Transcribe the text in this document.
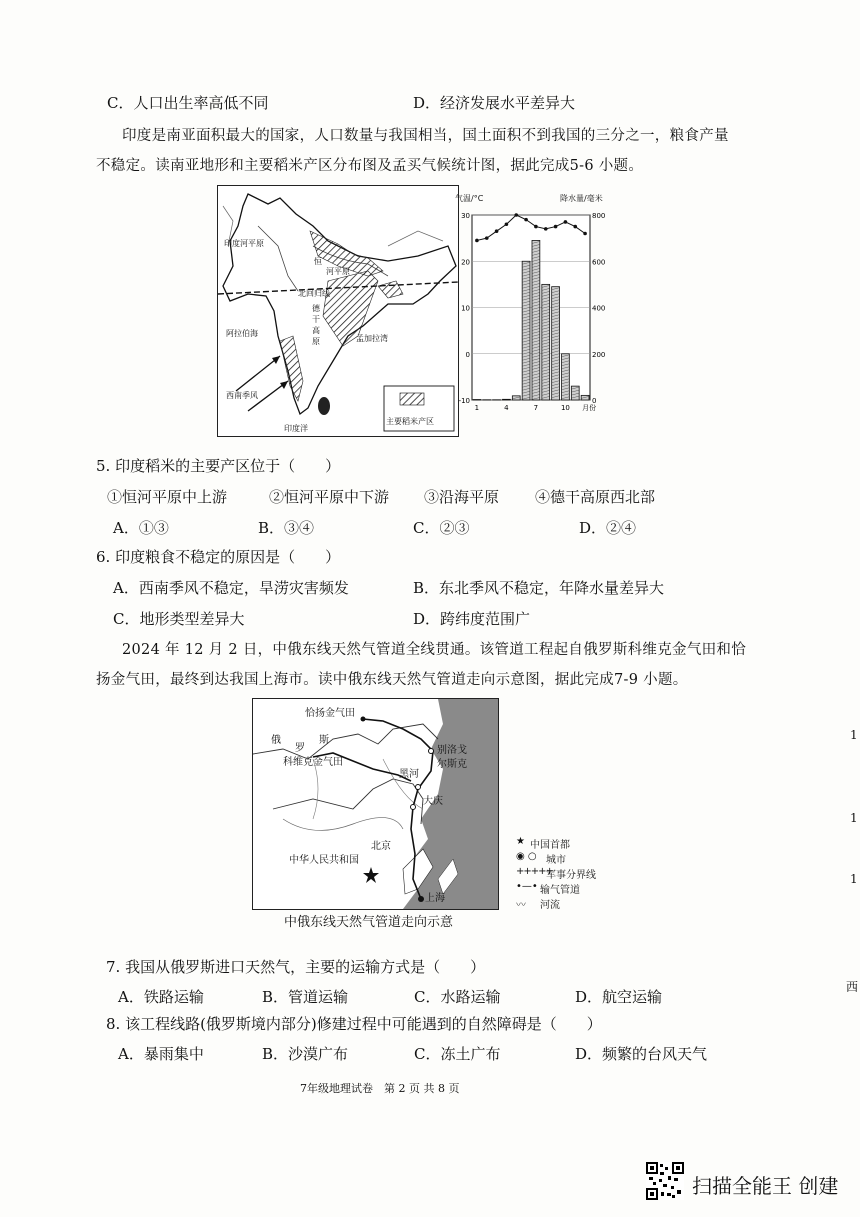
C．人口出生率高低不同	D．经济发展水平差异大
印度是南亚面积最大的国家，人口数量与我国相当，国土面积不到我国的三分之一，粮食产量
不稳定。读南亚地形和主要稻米产区分布图及孟买气候统计图，据此完成5-6 小题。
印度河平原
恒
河平原
北回归线
德
干
高
原
阿拉伯海
孟加拉湾
西南季风
印度洋
主要稻米产区
气温/°C	降水量/毫米
30
20
10
0
-10
800
600
400
200
0
1	4	7	10 月份
5. 印度稻米的主要产区位于（　　）
①恒河平原中上游	②恒河平原中下游 ③沿海平原 ④德干高原西北部
A．①③	B．③④	C．②③	D．②④
6. 印度粮食不稳定的原因是（　　）
A．西南季风不稳定，旱涝灾害频发	B．东北季风不稳定，年降水量差异大
C．地形类型差异大	D．跨纬度范围广
2024 年 12 月 2 日，中俄东线天然气管道全线贯通。该管道工程起自俄罗斯科维克金气田和恰
扬金气田，最终到达我国上海市。读中俄东线天然气管道走向示意图，据此完成7-9 小题。
恰扬金气田
俄
罗
斯
科维克金气田
别洛戈
尔斯克
黑河
大庆
北京
中华人民共和国
上海
★ 中国首都
◉ ○ 城市
+++++
军事分界线
•—• 输气管道
〰 河流
中俄东线天然气管道走向示意
7. 我国从俄罗斯进口天然气，主要的运输方式是（　　）
A．铁路运输	B．管道运输	C．水路运输	D．航空运输
8. 该工程线路(俄罗斯境内部分)修建过程中可能遇到的自然障碍是（　　）
A．暴雨集中	B．沙漠广布	C．冻土广布	D．频繁的台风天气
7年级地理试卷　第 2 页 共 8 页
1
1
1
西
扫描全能王 创建
